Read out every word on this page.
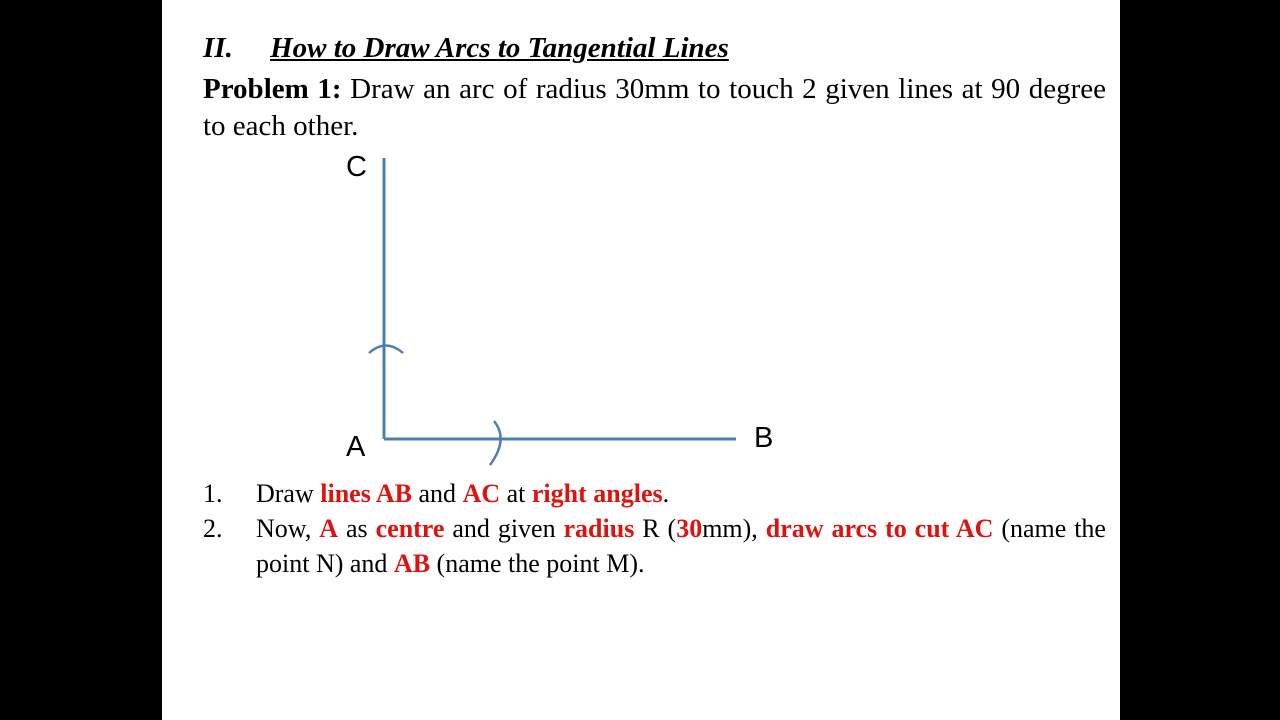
II. How to Draw Arcs to Tangential Lines
Problem 1: Draw an arc of radius 30mm to touch 2 given lines at 90 degree to each other.
C
A	B
1. Draw lines AB and AC at right angles.
2. Now, A as centre and given radius R (30mm), draw arcs to cut AC (name the point N) and AB (name the point M).
